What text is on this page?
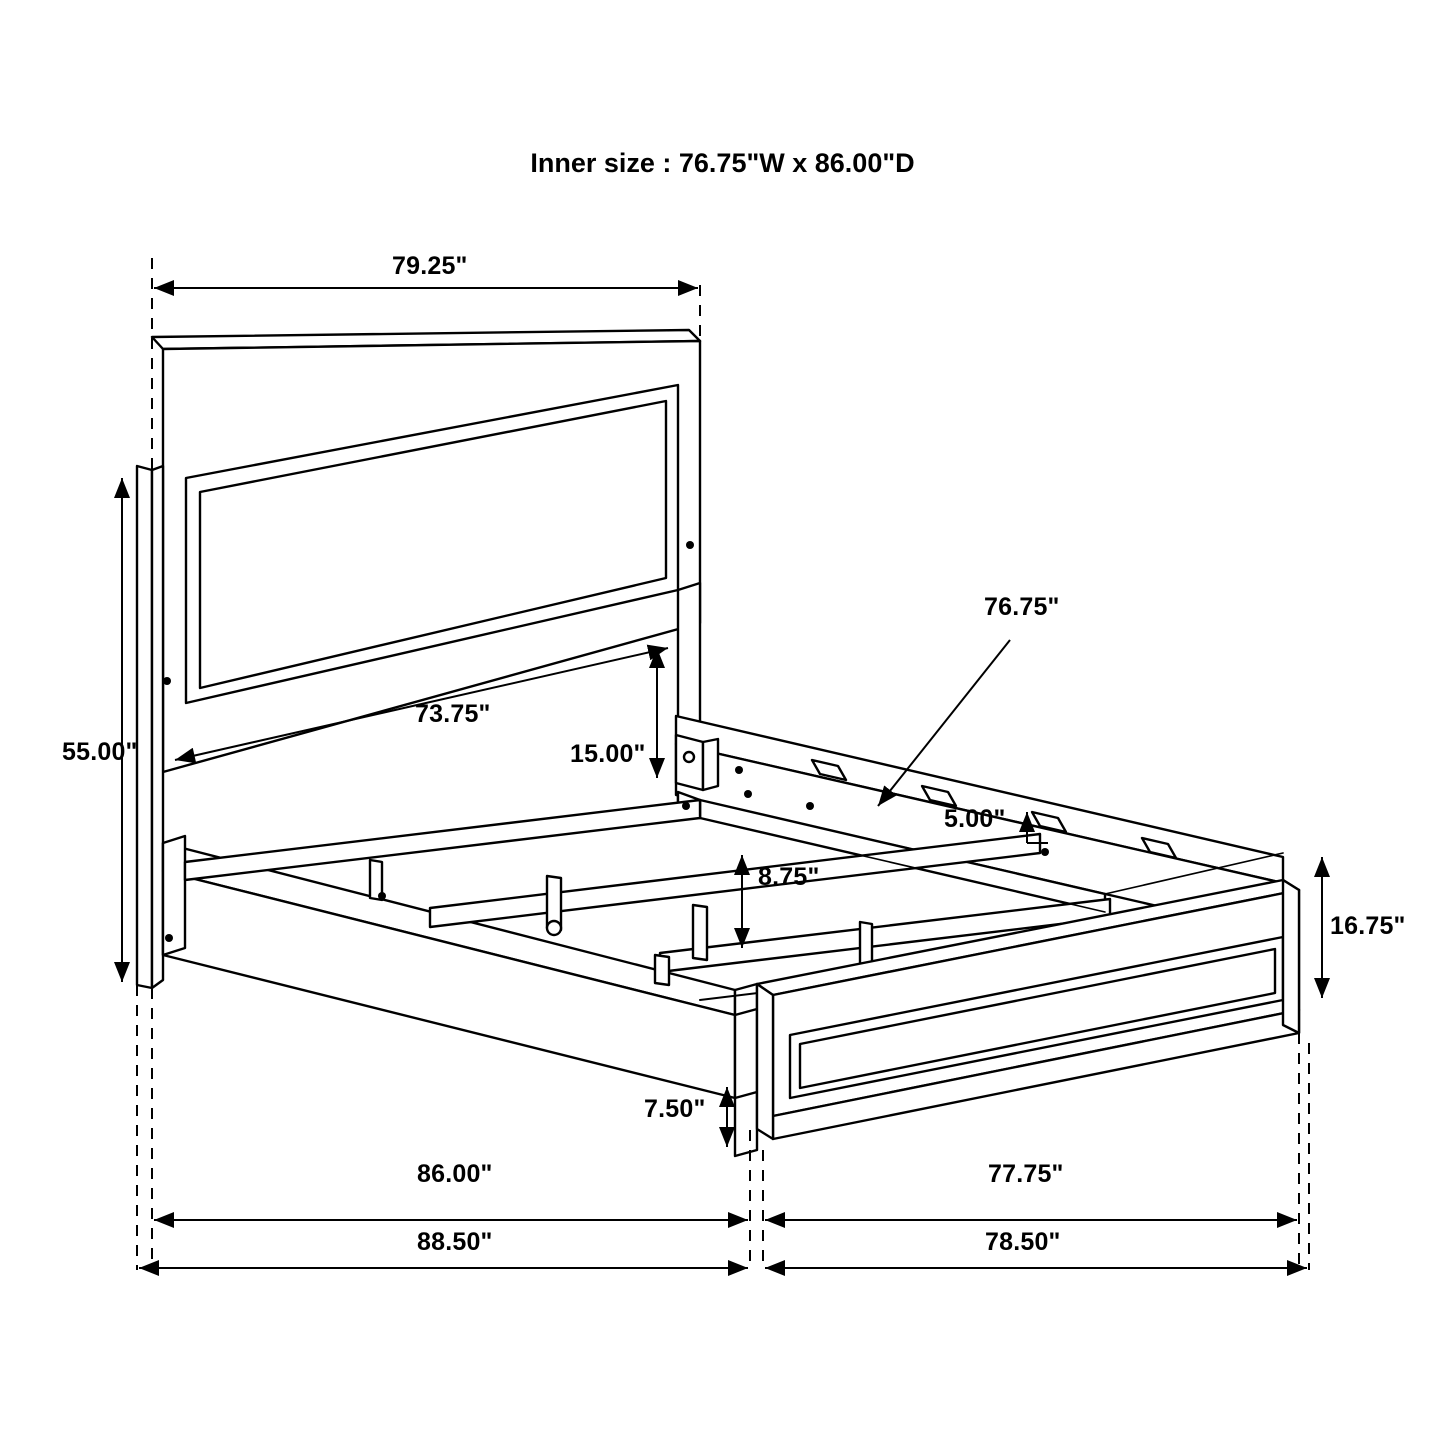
Inner size : 76.75"W x 86.00"D
79.25"
55.00"
73.75"
15.00"
76.75"
5.00"
8.75"
16.75"
7.50"
86.00"	77.75"
88.50"	78.50"
